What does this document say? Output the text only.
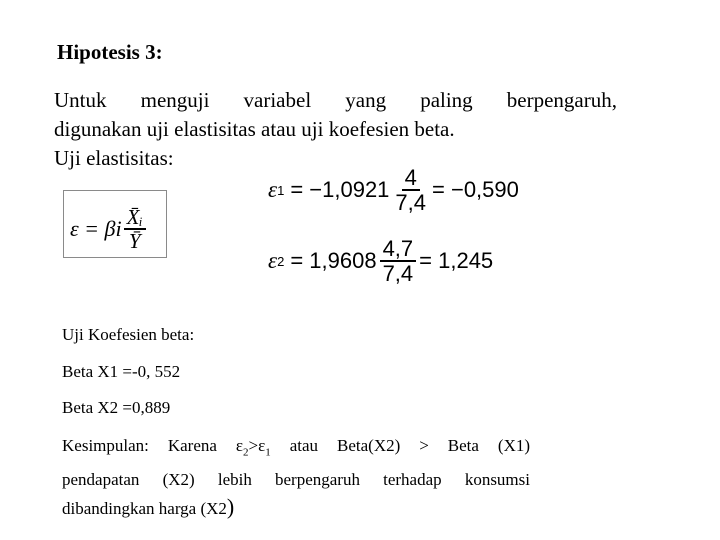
Hipotesis 3:
Untuk menguji variabel yang paling berpengaruh,
digunakan uji elastisitas atau uji koefesien beta.
Uji elastisitas:
ε = βi $\frac{\text{X̄ᵢ}}{Ȳ}$
ε $1 = -1,0921 \frac{4}{7,4} = -0,590$
ε $2 = 1,9608 \frac{4,7}{7,4} = 1,245$
Uji Koefesien beta:
Beta X1 =-0, 552
Beta X2 =0,889
Kesimpulan: Karena $\varepsilon_2>\varepsilon_1$ atau Beta(X2) > Beta (X1)
pendapatan (X2) lebih berpengaruh terhadap konsumsi
dibandingkan harga (X2)
